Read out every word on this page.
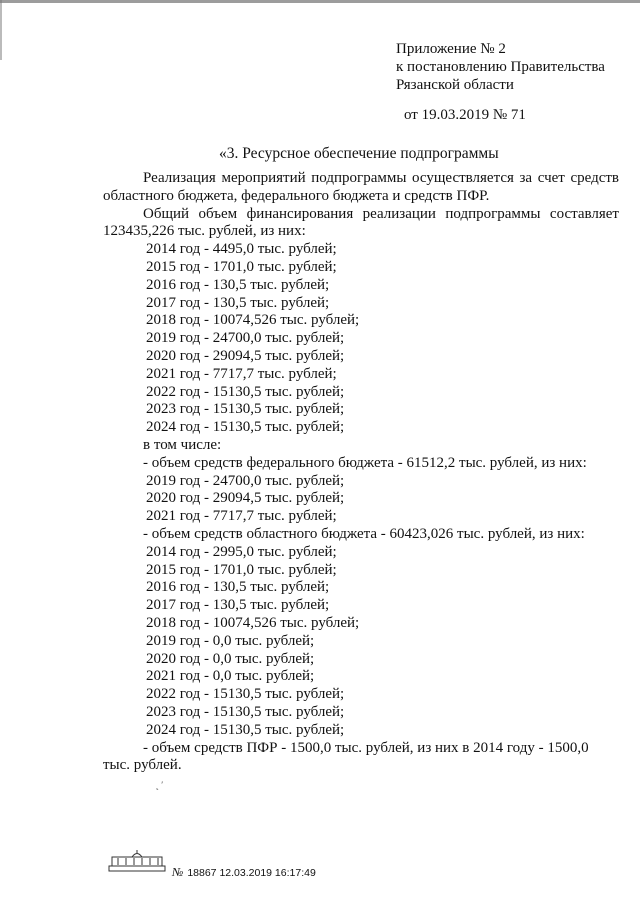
Приложение № 2
к постановлению Правительства
Рязанской области
от 19.03.2019 № 71
«3. Ресурсное обеспечение подпрограммы

Реализация мероприятий подпрограммы осуществляется за счет средств областного бюджета, федерального бюджета и средств ПФР.

Общий объем финансирования реализации подпрограммы составляет 123435,226 тыс. рублей, из них:

2014 год - 4495,0 тыс. рублей;
2015 год - 1701,0 тыс. рублей;
2016 год - 130,5 тыс. рублей;
2017 год - 130,5 тыс. рублей;
2018 год - 10074,526 тыс. рублей;
2019 год - 24700,0 тыс. рублей;
2020 год - 29094,5 тыс. рублей;
2021 год - 7717,7 тыс. рублей;
2022 год - 15130,5 тыс. рублей;
2023 год - 15130,5 тыс. рублей;
2024 год - 15130,5 тыс. рублей;

в том числе:

- объем средств федерального бюджета - 61512,2 тыс. рублей, из них:

2019 год - 24700,0 тыс. рублей;
2020 год - 29094,5 тыс. рублей;
2021 год - 7717,7 тыс. рублей;

- объем средств областного бюджета - 60423,026 тыс. рублей, из них:

2014 год - 2995,0 тыс. рублей;
2015 год - 1701,0 тыс. рублей;
2016 год - 130,5 тыс. рублей;
2017 год - 130,5 тыс. рублей;
2018 год - 10074,526 тыс. рублей;
2019 год - 0,0 тыс. рублей;
2020 год - 0,0 тыс. рублей;
2021 год - 0,0 тыс. рублей;
2022 год - 15130,5 тыс. рублей;
2023 год - 15130,5 тыс. рублей;
2024 год - 15130,5 тыс. рублей;

- объем средств ПФР - 1500,0 тыс. рублей, из них в 2014 году - 1500,0 тыс. рублей.

˛ ′
№ 18867 12.03.2019 16:17:49
